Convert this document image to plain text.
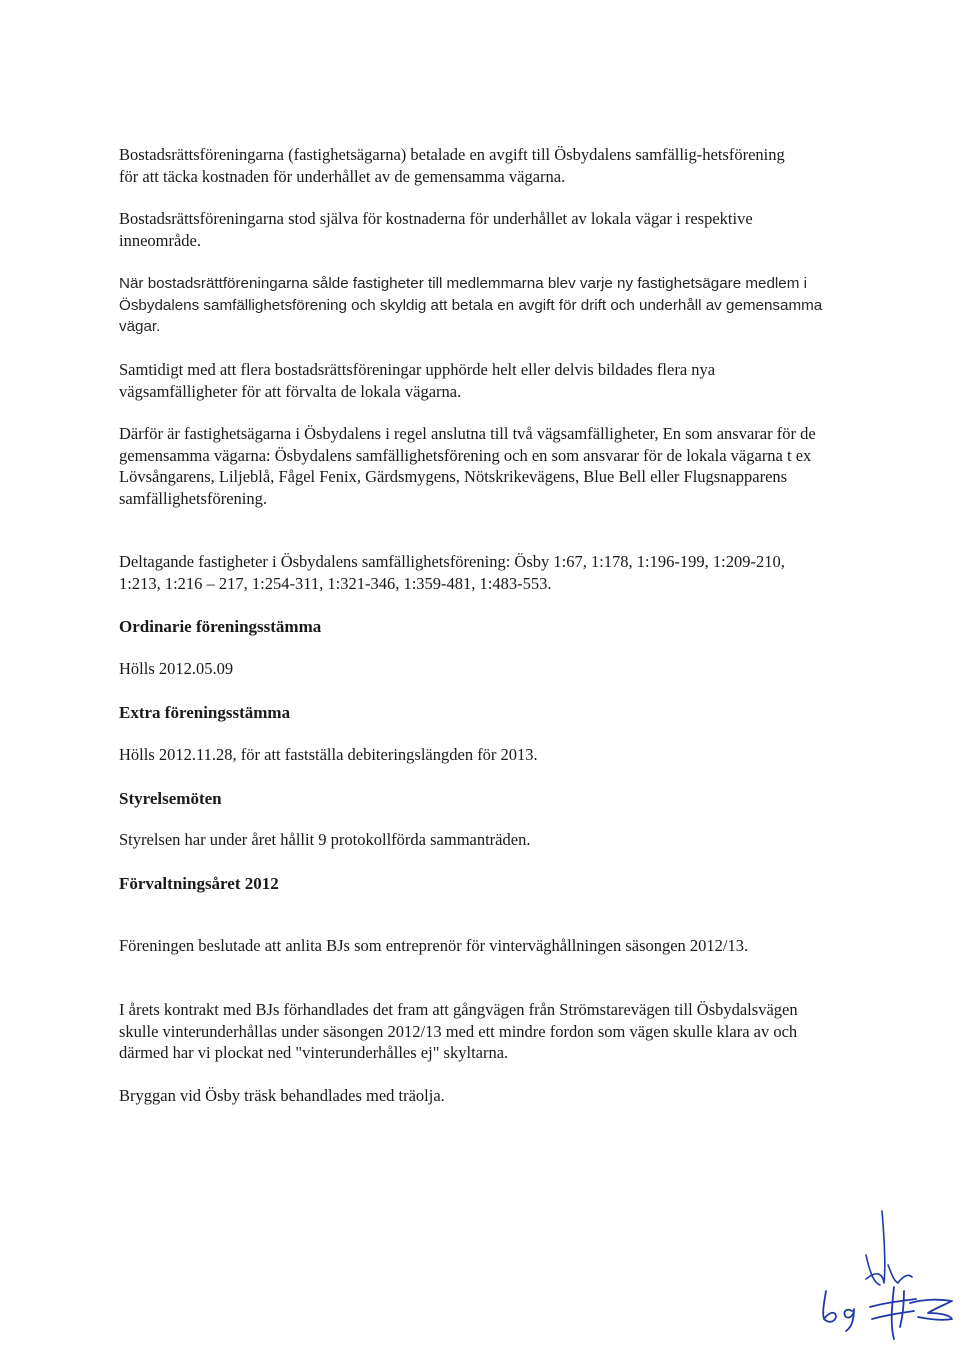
Bostadsrättsföreningarna (fastighetsägarna) betalade en avgift till Ösbydalens samfällig-hetsförening för att täcka kostnaden för underhållet av de gemensamma vägarna.

Bostadsrättsföreningarna stod själva för kostnaderna för underhållet av lokala vägar i respektive inneområde.

När bostadsrättföreningarna sålde fastigheter till medlemmarna blev varje ny fastighetsägare medlem i Ösbydalens samfällighetsförening och skyldig att betala en avgift för drift och underhåll av gemensamma vägar.

Samtidigt med att flera bostadsrättsföreningar upphörde helt eller delvis bildades flera nya vägsamfälligheter för att förvalta de lokala vägarna.

Därför är fastighetsägarna i Ösbydalens i regel anslutna till två vägsamfälligheter, En som ansvarar för de gemensamma vägarna: Ösbydalens samfällighetsförening och en som ansvarar för de lokala vägarna t ex Lövsångarens, Liljeblå, Fågel Fenix, Gärdsmygens, Nötskrikevägens, Blue Bell eller Flugsnapparens samfällighetsförening.

Deltagande fastigheter i Ösbydalens samfällighetsförening: Ösby 1:67, 1:178, 1:196-199, 1:209-210, 1:213, 1:216 – 217, 1:254-311, 1:321-346, 1:359-481, 1:483-553.

Ordinarie föreningsstämma

Hölls 2012.05.09

Extra föreningsstämma

Hölls 2012.11.28, för att fastställa debiteringslängden för 2013.

Styrelsemöten

Styrelsen har under året hållit 9 protokollförda sammanträden.

Förvaltningsåret 2012

Föreningen beslutade att anlita BJs som entreprenör för vinterväghållningen säsongen 2012/13.

I årets kontrakt med BJs förhandlades det fram att gångvägen från Strömstarevägen till Ösbydalsvägen skulle vinterunderhållas under säsongen 2012/13 med ett mindre fordon som vägen skulle klara av och därmed har vi plockat ned "vinterunderhålles ej" skyltarna.

Bryggan vid Ösby träsk behandlades med träolja.
